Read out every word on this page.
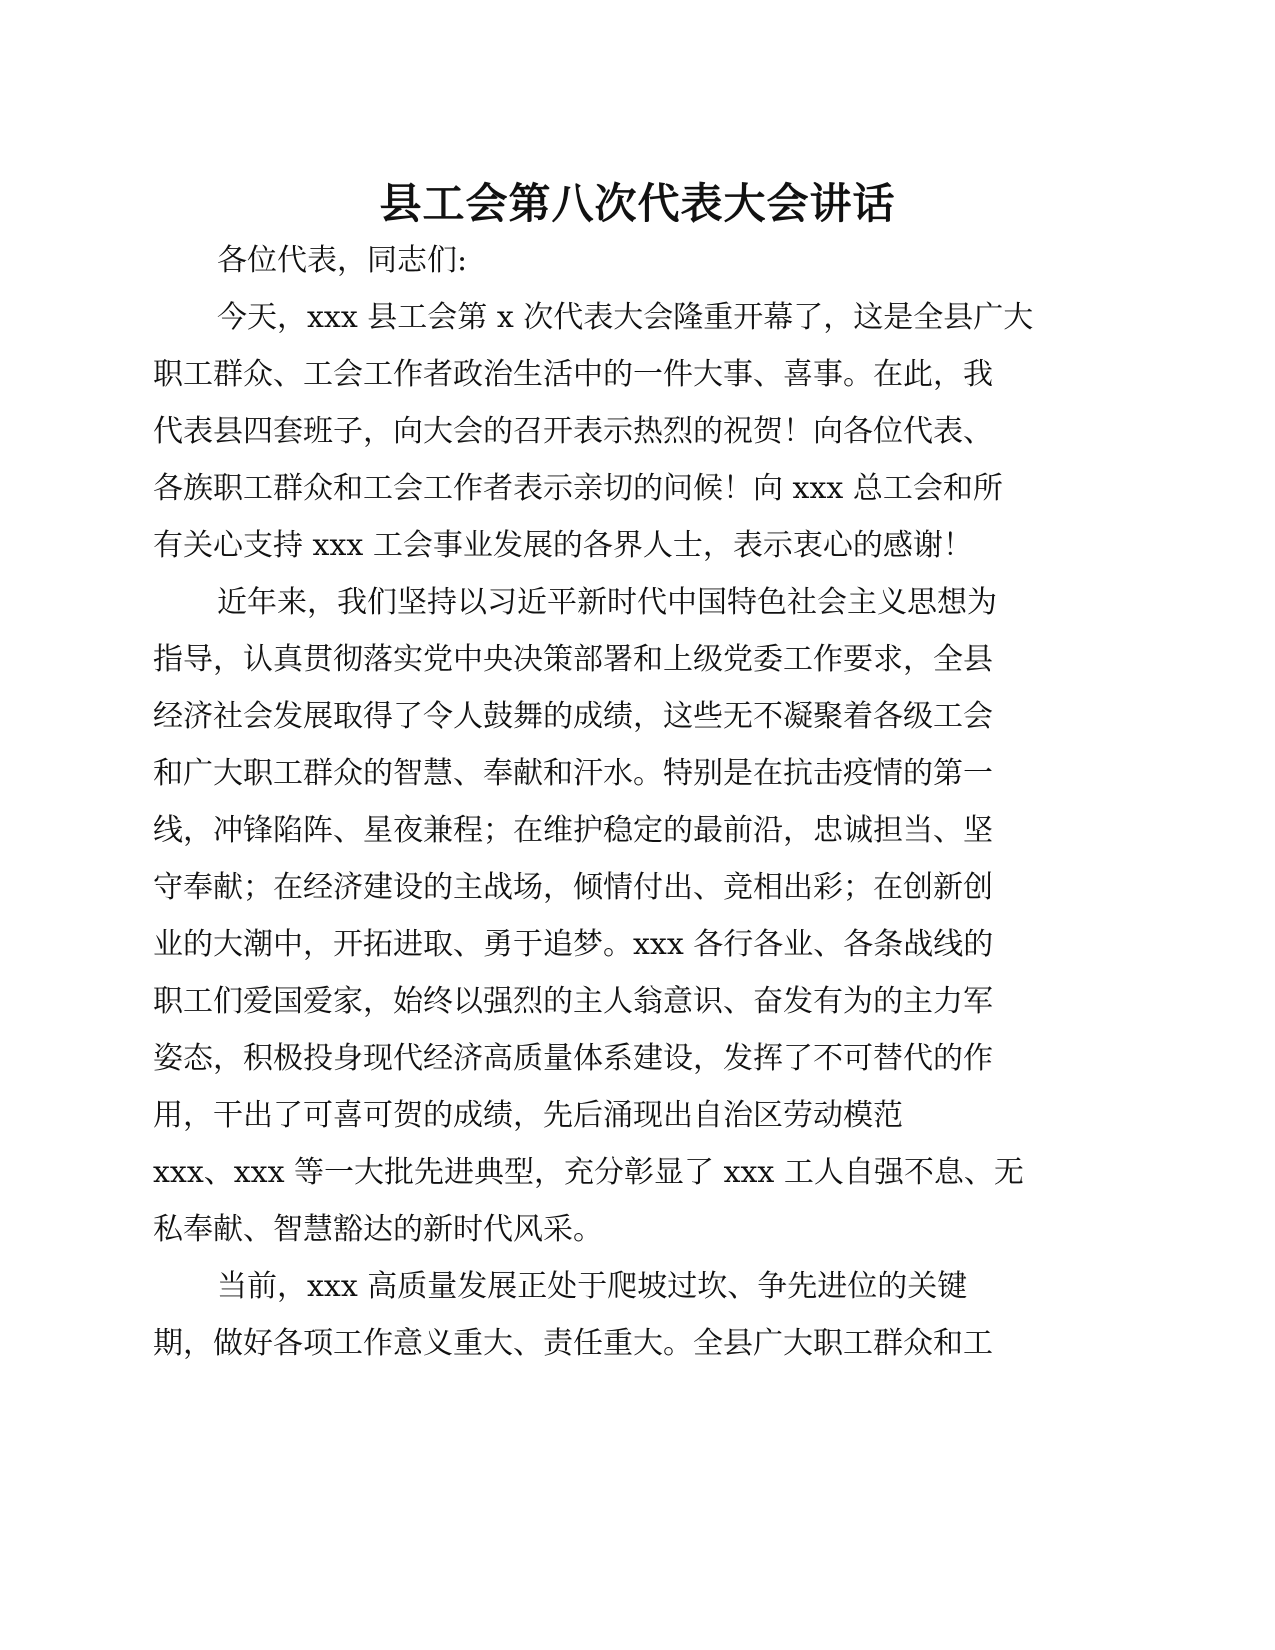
县工会第八次代表大会讲话
各位代表，同志们:
今天，xxx 县工会第 x 次代表大会隆重开幕了，这是全县广大
职工群众、工会工作者政治生活中的一件大事、喜事。在此，我
代表县四套班子，向大会的召开表示热烈的祝贺！向各位代表、
各族职工群众和工会工作者表示亲切的问候！向 xxx 总工会和所
有关心支持 xxx 工会事业发展的各界人士，表示衷心的感谢！
近年来，我们坚持以习近平新时代中国特色社会主义思想为
指导，认真贯彻落实党中央决策部署和上级党委工作要求，全县
经济社会发展取得了令人鼓舞的成绩，这些无不凝聚着各级工会
和广大职工群众的智慧、奉献和汗水。特别是在抗击疫情的第一
线，冲锋陷阵、星夜兼程；在维护稳定的最前沿，忠诚担当、坚
守奉献；在经济建设的主战场，倾情付出、竞相出彩；在创新创
业的大潮中，开拓进取、勇于追梦。xxx 各行各业、各条战线的
职工们爱国爱家，始终以强烈的主人翁意识、奋发有为的主力军
姿态，积极投身现代经济高质量体系建设，发挥了不可替代的作
用，干出了可喜可贺的成绩，先后涌现出自治区劳动模范
xxx、xxx 等一大批先进典型，充分彰显了 xxx 工人自强不息、无
私奉献、智慧豁达的新时代风采。
当前，xxx 高质量发展正处于爬坡过坎、争先进位的关键
期，做好各项工作意义重大、责任重大。全县广大职工群众和工
